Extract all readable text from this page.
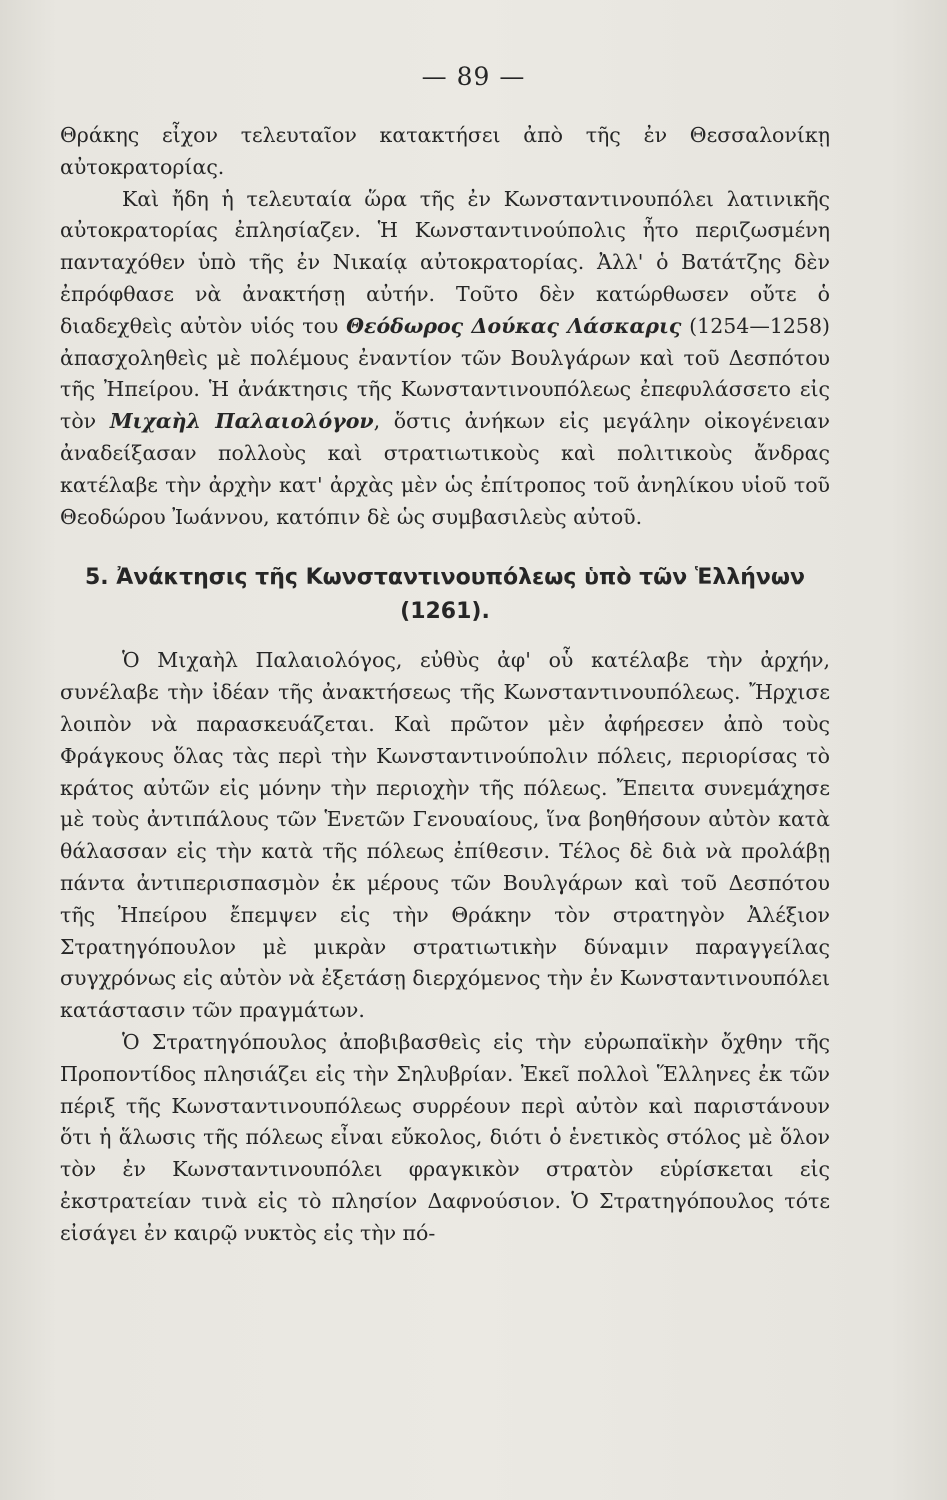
— 89 —

Θράκης εἶχον τελευταῖον κατακτήσει ἀπὸ τῆς ἐν Θεσσαλονίκῃ αὐτοκρατορίας.

Καὶ ἤδη ἡ τελευταία ὥρα τῆς ἐν Κωνσταντινουπόλει λατινικῆς αὐτοκρατορίας ἐπλησίαζεν. Ἡ Κωνσταντινούπολις ἦτο περιζωσμένη πανταχόθεν ὑπὸ τῆς ἐν Νικαίᾳ αὐτοκρατορίας. Ἀλλ' ὁ Βατάτζης δὲν ἐπρόφθασε νὰ ἀνακτήσῃ αὐτήν. Τοῦτο δὲν κατώρθωσεν οὔτε ὁ διαδεχθεὶς αὐτὸν υἱός του Θεόδωρος Δούκας Λάσκαρις (1254—1258) ἀπασχοληθεὶς μὲ πολέμους ἐναντίον τῶν Βουλγάρων καὶ τοῦ Δεσπότου τῆς Ἠπείρου. Ἡ ἀνάκτησις τῆς Κωνσταντινουπόλεως ἐπεφυλάσσετο εἰς τὸν Μιχαὴλ Παλαιολόγον, ὅστις ἀνήκων εἰς μεγάλην οἰκογένειαν ἀναδείξασαν πολλοὺς καὶ στρατιωτικοὺς καὶ πολιτικοὺς ἄνδρας κατέλαβε τὴν ἀρχὴν κατ' ἀρχὰς μὲν ὡς ἐπίτροπος τοῦ ἀνηλίκου υἱοῦ τοῦ Θεοδώρου Ἰωάννου, κατόπιν δὲ ὡς συμβασιλεὺς αὐτοῦ.

5. Ἀνάκτησις τῆς Κωνσταντινουπόλεως ὑπὸ τῶν Ἑλλήνων (1261).

Ὁ Μιχαὴλ Παλαιολόγος, εὐθὺς ἀφ' οὗ κατέλαβε τὴν ἀρχήν, συνέλαβε τὴν ἰδέαν τῆς ἀνακτήσεως τῆς Κωνσταντινουπόλεως. Ἤρχισε λοιπὸν νὰ παρασκευάζεται. Καὶ πρῶτον μὲν ἀφήρεσεν ἀπὸ τοὺς Φράγκους ὅλας τὰς περὶ τὴν Κωνσταντινούπολιν πόλεις, περιορίσας τὸ κράτος αὐτῶν εἰς μόνην τὴν περιοχὴν τῆς πόλεως. Ἔπειτα συνεμάχησε μὲ τοὺς ἀντιπάλους τῶν Ἑνετῶν Γενουαίους, ἵνα βοηθήσουν αὐτὸν κατὰ θάλασσαν εἰς τὴν κατὰ τῆς πόλεως ἐπίθεσιν. Τέλος δὲ διὰ νὰ προλάβῃ πάντα ἀντιπερισπασμὸν ἐκ μέρους τῶν Βουλγάρων καὶ τοῦ Δεσπότου τῆς Ἠπείρου ἔπεμψεν εἰς τὴν Θράκην τὸν στρατηγὸν Ἀλέξιον Στρατηγόπουλον μὲ μικρὰν στρατιωτικὴν δύναμιν παραγγείλας συγχρόνως εἰς αὐτὸν νὰ ἐξετάσῃ διερχόμενος τὴν ἐν Κωνσταντινουπόλει κατάστασιν τῶν πραγμάτων.

Ὁ Στρατηγόπουλος ἀποβιβασθεὶς εἰς τὴν εὐρωπαϊκὴν ὄχθην τῆς Προποντίδος πλησιάζει εἰς τὴν Σηλυβρίαν. Ἐκεῖ πολλοὶ Ἕλληνες ἐκ τῶν πέριξ τῆς Κωνσταντινουπόλεως συρρέουν περὶ αὐτὸν καὶ παριστάνουν ὅτι ἡ ἅλωσις τῆς πόλεως εἶναι εὔκολος, διότι ὁ ἑνετικὸς στόλος μὲ ὅλον τὸν ἐν Κωνσταντινουπόλει φραγκικὸν στρατὸν εὑρίσκεται εἰς ἐκστρατείαν τινὰ εἰς τὸ πλησίον Δαφνούσιον. Ὁ Στρατηγόπουλος τότε εἰσάγει ἐν καιρῷ νυκτὸς εἰς τὴν πό-
